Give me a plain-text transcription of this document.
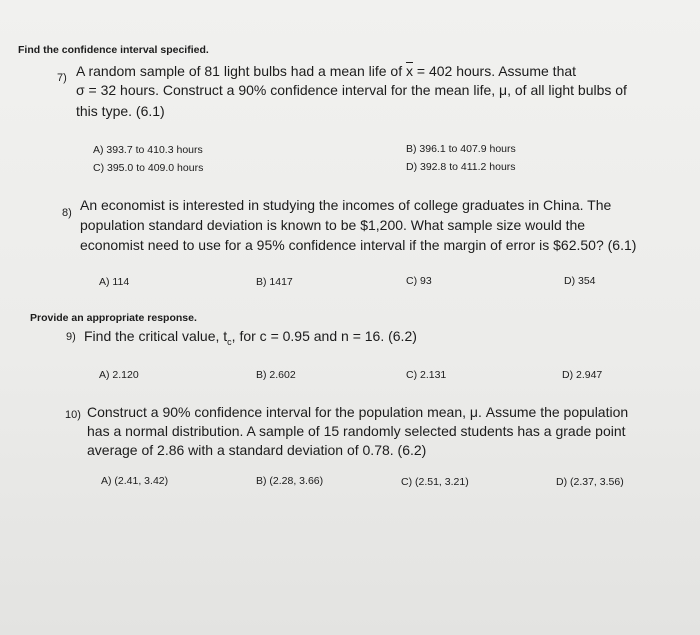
Find the confidence interval specified.
7) A random sample of 81 light bulbs had a mean life of $\overline{x} = 402$ hours. Assume that
σ = 32 hours. Construct a 90% confidence interval for the mean life, μ, of all light bulbs of
this type. (6.1)
A) 393.7 to 410.3 hours	B) 396.1 to 407.9 hours
C) 395.0 to 409.0 hours	D) 392.8 to 411.2 hours
8) An economist is interested in studying the incomes of college graduates in China. The
population standard deviation is known to be $1,200. What sample size would the
economist need to use for a 95% confidence interval if the margin of error is $62.50? (6.1)
A) 114	B) 1417	C) 93	D) 354
Provide an appropriate response.
9) Find the critical value, $t_c$, for c = 0.95 and n = 16. (6.2)
A) 2.120	B) 2.602	C) 2.131	D) 2.947
10) Construct a 90% confidence interval for the population mean, μ. Assume the population
has a normal distribution. A sample of 15 randomly selected students has a grade point
average of 2.86 with a standard deviation of 0.78. (6.2)
A) (2.41, 3.42)	B) (2.28, 3.66)	C) (2.51, 3.21)	D) (2.37, 3.56)
